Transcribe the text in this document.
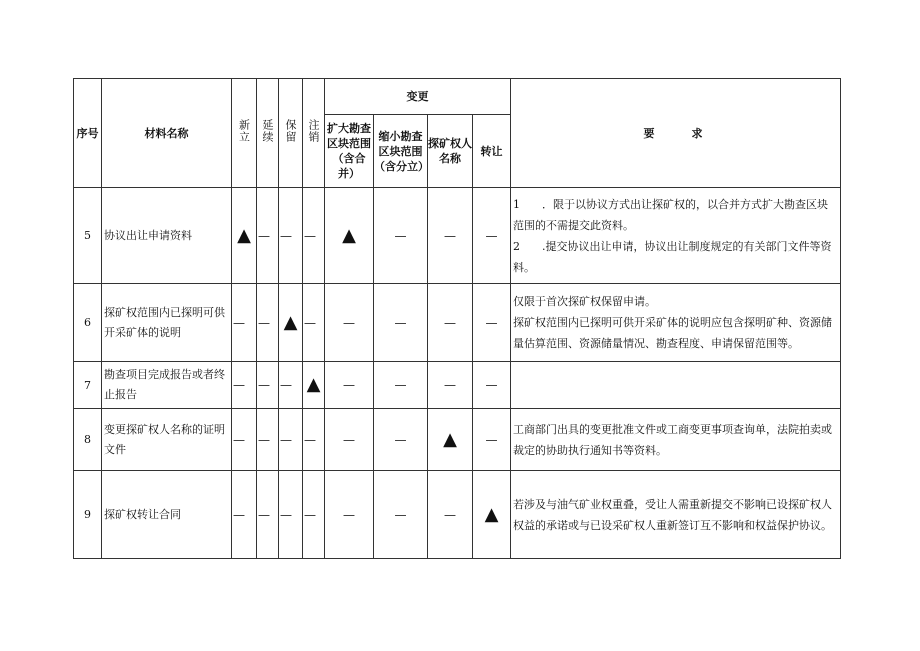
序号	材料名称	新立	延续	保留	注销	变更				要　　求
						扩大勘查区块范围（含合并）	缩小勘查区块范围（含分立）	探矿权人名称	转让	
5	协议出让申请资料	▲	—	—	—	▲	—	—	—	1　　．限于以协议方式出让探矿权的，以合并方式扩大勘查区块范围的不需提交此资料。
2　　.提交协议出让申请，协议出让制度规定的有关部门文件等资料。

6	探矿权范围内已探明可供开采矿体的说明	—	—	▲	—	—	—	—	—	仅限于首次探矿权保留申请。
探矿权范围内已探明可供开采矿体的说明应包含探明矿种、资源储量估算范围、资源储量情况、勘查程度、申请保留范围等。

7	勘查项目完成报告或者终止报告	—	—	—	▲	—	—	—	—	
8	变更探矿权人名称的证明文件	—	—	—	—	—	—	▲	—	工商部门出具的变更批准文件或工商变更事项查询单，法院拍卖或裁定的协助执行通知书等资料。

9	探矿权转让合同	—	—	—	—	—	—	—	▲	若涉及与油气矿业权重叠，受让人需重新提交不影响已设探矿权人权益的承诺或与已设采矿权人重新签订互不影响和权益保护协议。
